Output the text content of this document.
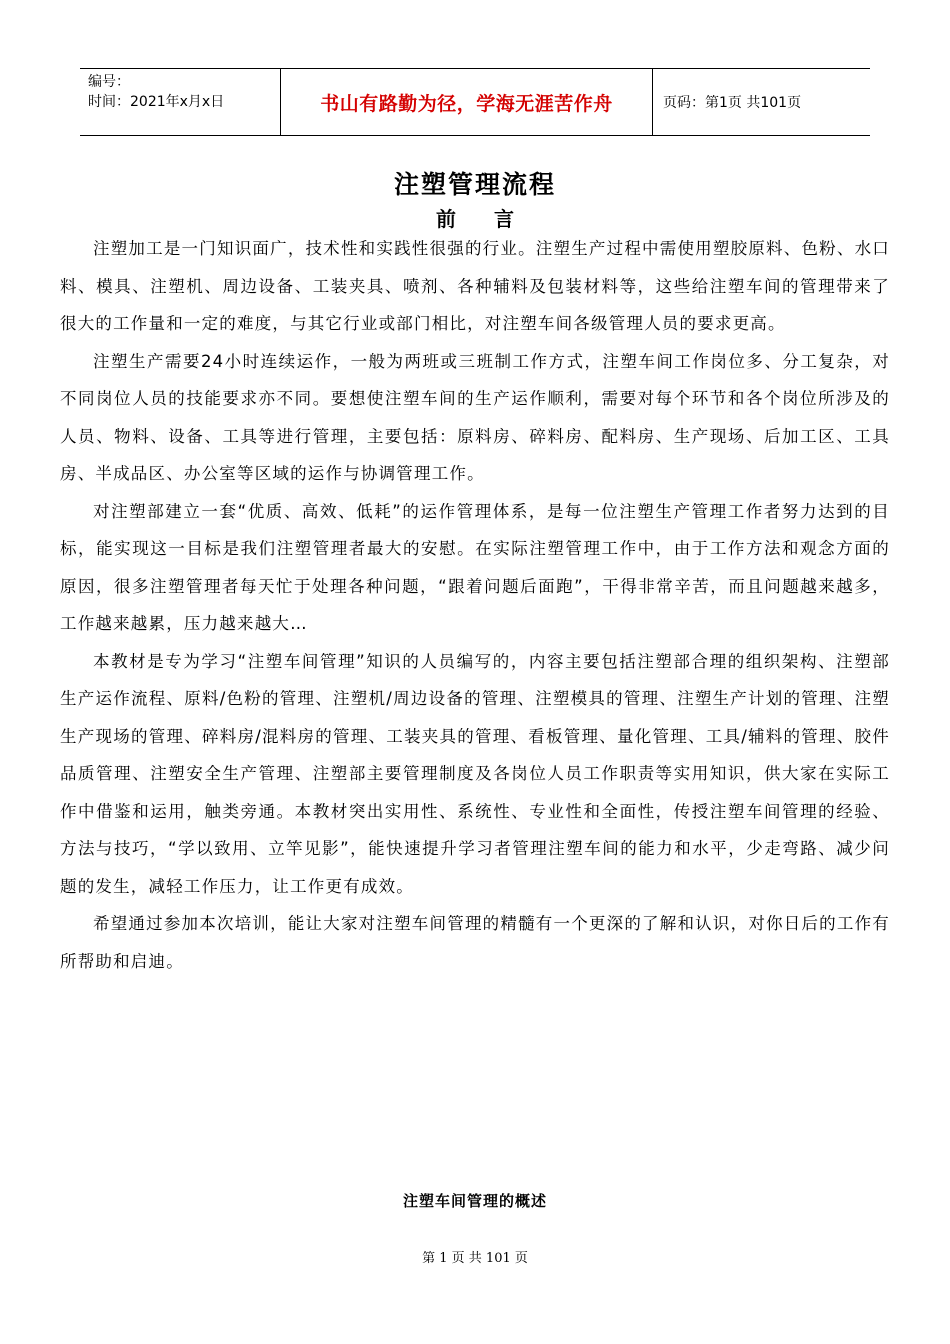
编号：
时间：2021年x月x日	书山有路勤为径，学海无涯苦作舟	页码：第1页 共101页
注塑管理流程
前言

注塑加工是一门知识面广，技术性和实践性很强的行业。注塑生产过程中需使用塑胶原料、色粉、水口料、模具、注塑机、周边设备、工装夹具、喷剂、各种辅料及包装材料等，这些给注塑车间的管理带来了很大的工作量和一定的难度，与其它行业或部门相比，对注塑车间各级管理人员的要求更高。

注塑生产需要24小时连续运作，一般为两班或三班制工作方式，注塑车间工作岗位多、分工复杂，对不同岗位人员的技能要求亦不同。要想使注塑车间的生产运作顺利，需要对每个环节和各个岗位所涉及的人员、物料、设备、工具等进行管理，主要包括：原料房、碎料房、配料房、生产现场、后加工区、工具房、半成品区、办公室等区域的运作与协调管理工作。

对注塑部建立一套“优质、高效、低耗”的运作管理体系，是每一位注塑生产管理工作者努力达到的目标，能实现这一目标是我们注塑管理者最大的安慰。在实际注塑管理工作中，由于工作方法和观念方面的原因，很多注塑管理者每天忙于处理各种问题，“跟着问题后面跑”，干得非常辛苦，而且问题越来越多，工作越来越累，压力越来越大…

本教材是专为学习“注塑车间管理”知识的人员编写的，内容主要包括注塑部合理的组织架构、注塑部生产运作流程、原料/色粉的管理、注塑机/周边设备的管理、注塑模具的管理、注塑生产计划的管理、注塑生产现场的管理、碎料房/混料房的管理、工装夹具的管理、看板管理、量化管理、工具/辅料的管理、胶件品质管理、注塑安全生产管理、注塑部主要管理制度及各岗位人员工作职责等实用知识，供大家在实际工作中借鉴和运用，触类旁通。本教材突出实用性、系统性、专业性和全面性，传授注塑车间管理的经验、方法与技巧，“学以致用、立竿见影”，能快速提升学习者管理注塑车间的能力和水平，少走弯路、减少问题的发生，减轻工作压力，让工作更有成效。

希望通过参加本次培训，能让大家对注塑车间管理的精髓有一个更深的了解和认识，对你日后的工作有所帮助和启迪。

注塑车间管理的概述
第 1 页 共 101 页
